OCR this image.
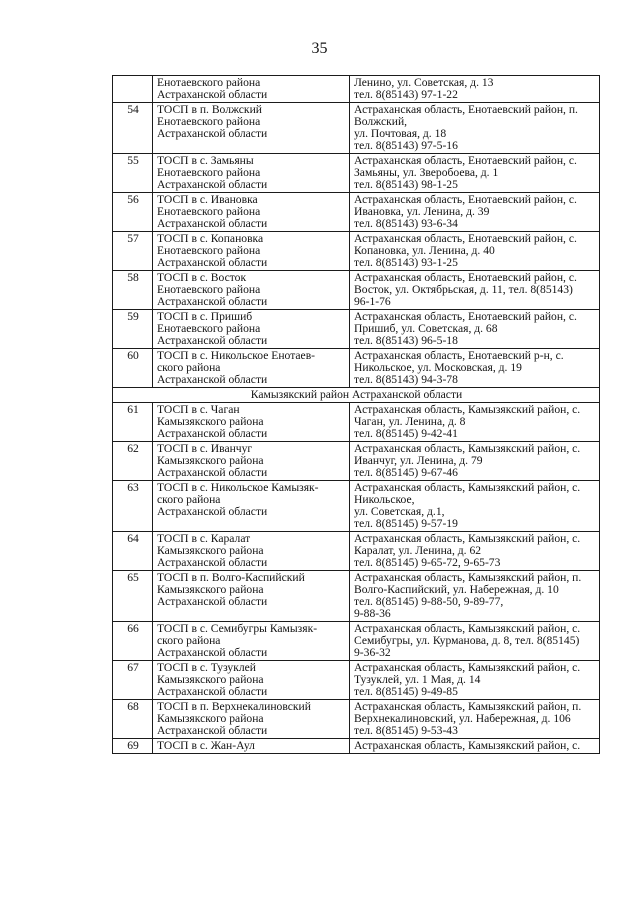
35
	Енотаевского района
Астраханской области	Ленино, ул. Советская, д. 13
тел. 8(85143) 97-1-22
54	ТОСП в п. Волжский
Енотаевского района
Астраханской области	Астраханская область, Енотаевский район, п.
Волжский,
ул. Почтовая, д. 18
тел. 8(85143) 97-5-16
55	ТОСП в с. Замьяны
Енотаевского района
Астраханской области	Астраханская область, Енотаевский район, с.
Замьяны, ул. Зверобоева, д. 1
тел. 8(85143) 98-1-25
56	ТОСП в с. Ивановка
Енотаевского района
Астраханской области	Астраханская область, Енотаевский район, с.
Ивановка, ул. Ленина, д. 39
тел. 8(85143) 93-6-34
57	ТОСП в с. Копановка
Енотаевского района
Астраханской области	Астраханская область, Енотаевский район, с.
Копановка, ул. Ленина, д. 40
тел. 8(85143) 93-1-25
58	ТОСП в с. Восток
Енотаевского района
Астраханской области	Астраханская область, Енотаевский район, с.
Восток, ул. Октябрьская, д. 11, тел. 8(85143)
96-1-76
59	ТОСП в с. Пришиб
Енотаевского района
Астраханской области	Астраханская область, Енотаевский район, с.
Пришиб, ул. Советская, д. 68
тел. 8(85143) 96-5-18
60	ТОСП в с. Никольское Енотаев-
ского района
Астраханской области	Астраханская область, Енотаевский р-н, с.
Никольское, ул. Московская, д. 19
тел. 8(85143) 94-3-78
Камызякский район Астраханской области		
61	ТОСП в с. Чаган
Камызякского района
Астраханской области	Астраханская область, Камызякский район, с.
Чаган, ул. Ленина, д. 8
тел. 8(85145) 9-42-41
62	ТОСП в с. Иванчуг
Камызякского района
Астраханской области	Астраханская область, Камызякский район, с.
Иванчуг, ул. Ленина, д. 79
тел. 8(85145) 9-67-46
63	ТОСП в с. Никольское Камызяк-
ского района
Астраханской области	Астраханская область, Камызякский район, с.
Никольское,
ул. Советская, д.1,
тел. 8(85145) 9-57-19
64	ТОСП в с. Каралат
Камызякского района
Астраханской области	Астраханская область, Камызякский район, с.
Каралат, ул. Ленина, д. 62
тел. 8(85145) 9-65-72, 9-65-73
65	ТОСП в п. Волго-Каспийский
Камызякского района
Астраханской области	Астраханская область, Камызякский район, п.
Волго-Каспийский, ул. Набережная, д. 10
тел. 8(85145) 9-88-50, 9-89-77,
9-88-36
66	ТОСП в с. Семибугры Камызяк-
ского района
Астраханской области	Астраханская область, Камызякский район, с.
Семибугры, ул. Курманова, д. 8, тел. 8(85145)
9-36-32
67	ТОСП в с. Тузуклей
Камызякского района
Астраханской области	Астраханская область, Камызякский район, с.
Тузуклей, ул. 1 Мая, д. 14
тел. 8(85145) 9-49-85
68	ТОСП в п. Верхнекалиновский
Камызякского района
Астраханской области	Астраханская область, Камызякский район, п.
Верхнекалиновский, ул. Набережная, д. 106
тел. 8(85145) 9-53-43
69	ТОСП в с. Жан-Аул	Астраханская область, Камызякский район, с.
